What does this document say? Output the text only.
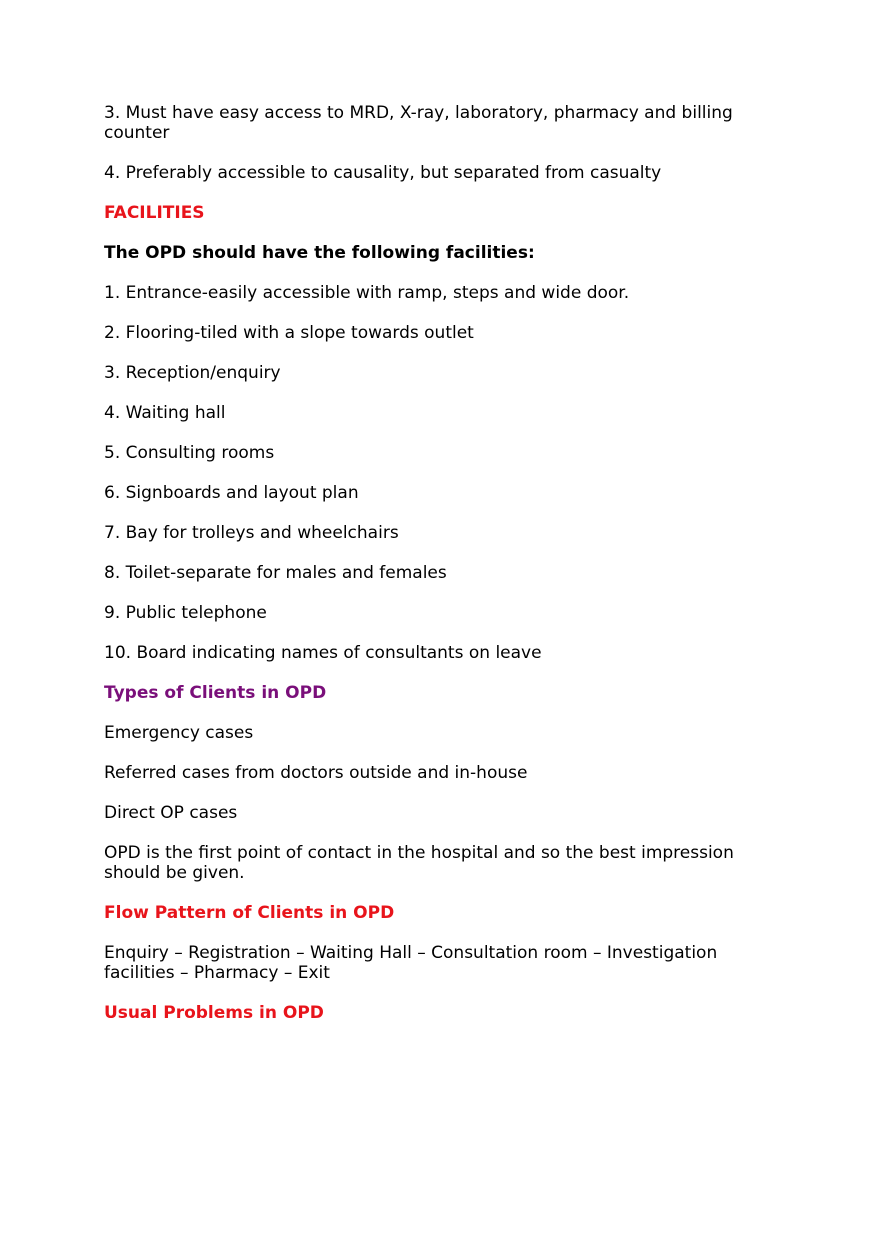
3. Must have easy access to MRD, X-ray, laboratory, pharmacy and billing counter

4. Preferably accessible to causality, but separated from casualty

FACILITIES

The OPD should have the following facilities:

1. Entrance-easily accessible with ramp, steps and wide door.

2. Flooring-tiled with a slope towards outlet

3. Reception/enquiry

4. Waiting hall

5. Consulting rooms

6. Signboards and layout plan

7. Bay for trolleys and wheelchairs

8. Toilet-separate for males and females

9. Public telephone

10. Board indicating names of consultants on leave

Types of Clients in OPD

Emergency cases

Referred cases from doctors outside and in-house

Direct OP cases

OPD is the first point of contact in the hospital and so the best impression should be given.

Flow Pattern of Clients in OPD

Enquiry – Registration – Waiting Hall – Consultation room – Investigation facilities – Pharmacy – Exit

Usual Problems in OPD
